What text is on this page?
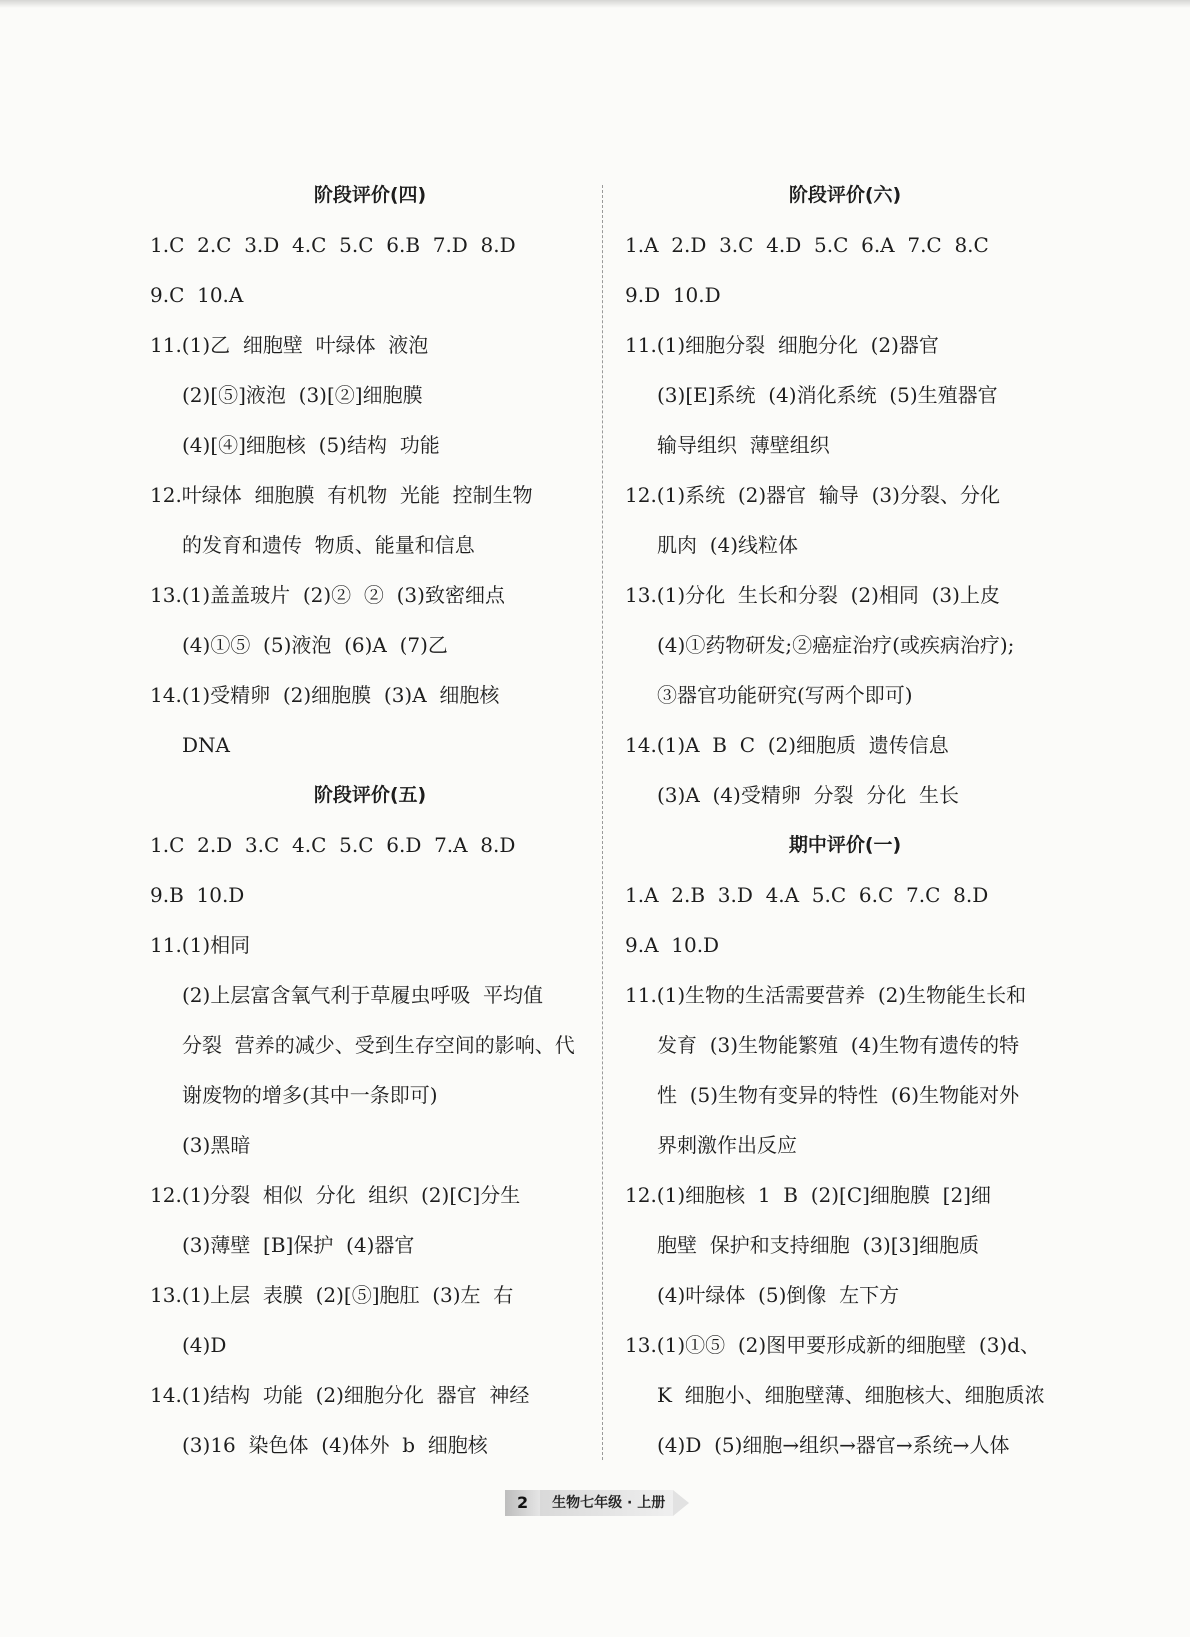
阶段评价(四)
1.C  2.C  3.D  4.C  5.C  6.B  7.D  8.D
9.C  10.A
11.(1)乙  细胞壁  叶绿体  液泡
(2)[⑤]液泡  (3)[②]细胞膜
(4)[④]细胞核  (5)结构  功能
12.叶绿体  细胞膜  有机物  光能  控制生物
的发育和遗传  物质、能量和信息
13.(1)盖盖玻片  (2)②  ②  (3)致密细点
(4)①⑤  (5)液泡  (6)A  (7)乙
14.(1)受精卵  (2)细胞膜  (3)A  细胞核
DNA
阶段评价(五)
1.C  2.D  3.C  4.C  5.C  6.D  7.A  8.D
9.B  10.D
11.(1)相同
(2)上层富含氧气利于草履虫呼吸  平均值
分裂  营养的减少、受到生存空间的影响、代
谢废物的增多(其中一条即可)
(3)黑暗
12.(1)分裂  相似  分化  组织  (2)[C]分生
(3)薄壁  [B]保护  (4)器官
13.(1)上层  表膜  (2)[⑤]胞肛  (3)左  右
(4)D
14.(1)结构  功能  (2)细胞分化  器官  神经
(3)16  染色体  (4)体外  b  细胞核
阶段评价(六)
1.A  2.D  3.C  4.D  5.C  6.A  7.C  8.C
9.D  10.D
11.(1)细胞分裂  细胞分化  (2)器官
(3)[E]系统  (4)消化系统  (5)生殖器官
输导组织  薄壁组织
12.(1)系统  (2)器官  输导  (3)分裂、分化
肌肉  (4)线粒体
13.(1)分化  生长和分裂  (2)相同  (3)上皮
(4)①药物研发;②癌症治疗(或疾病治疗);
③器官功能研究(写两个即可)
14.(1)A  B  C  (2)细胞质  遗传信息
(3)A  (4)受精卵  分裂  分化  生长
期中评价(一)
1.A  2.B  3.D  4.A  5.C  6.C  7.C  8.D
9.A  10.D
11.(1)生物的生活需要营养  (2)生物能生长和
发育  (3)生物能繁殖  (4)生物有遗传的特
性  (5)生物有变异的特性  (6)生物能对外
界刺激作出反应
12.(1)细胞核  1  B  (2)[C]细胞膜  [2]细
胞壁  保护和支持细胞  (3)[3]细胞质
(4)叶绿体  (5)倒像  左下方
13.(1)①⑤  (2)图甲要形成新的细胞壁  (3)d、
K  细胞小、细胞壁薄、细胞核大、细胞质浓
(4)D  (5)细胞→组织→器官→系统→人体
2	生物七年级 · 上册
